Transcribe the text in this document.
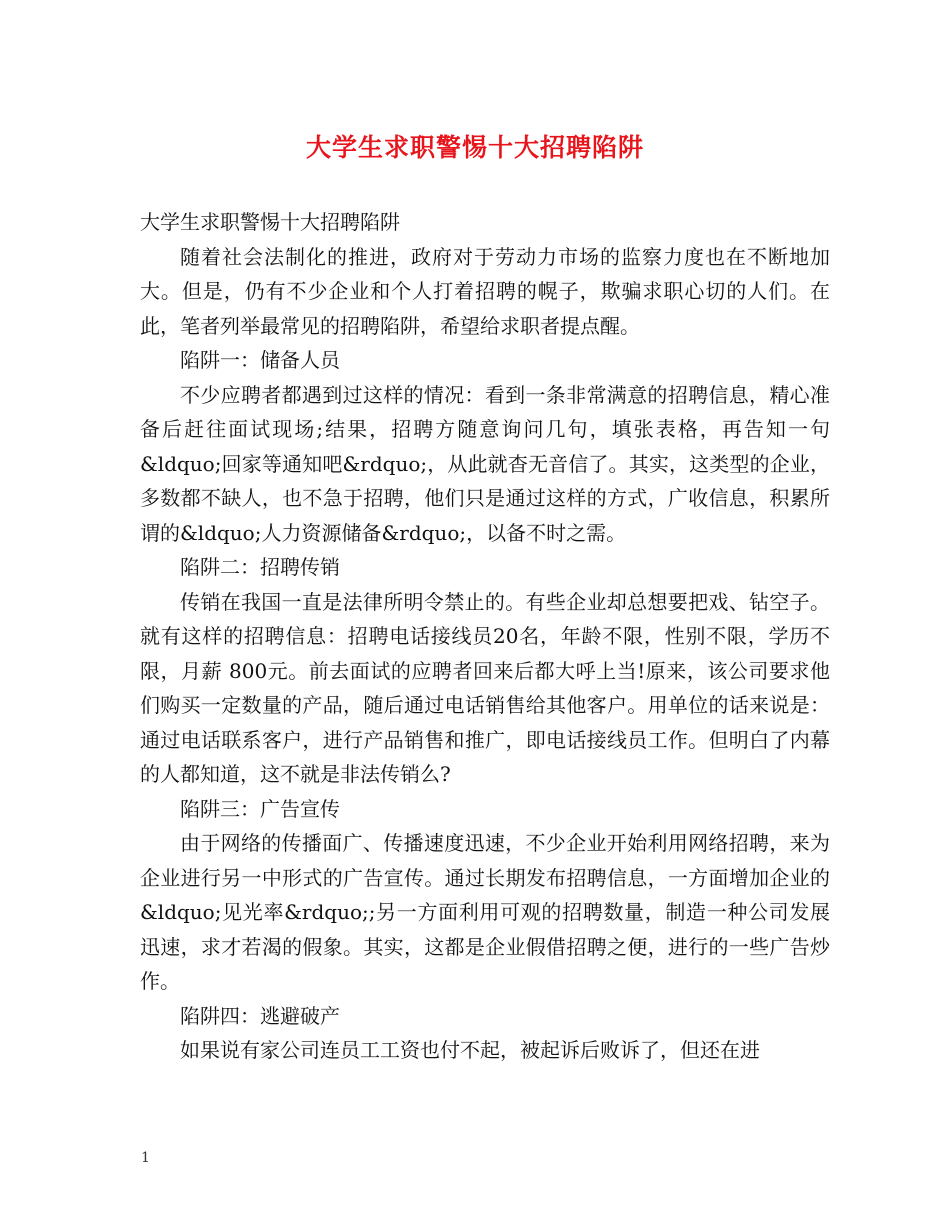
大学生求职警惕十大招聘陷阱

大学生求职警惕十大招聘陷阱

随着社会法制化的推进，政府对于劳动力市场的监察力度也在不断地加大。但是，仍有不少企业和个人打着招聘的幌子，欺骗求职心切的人们。在此，笔者列举最常见的招聘陷阱，希望给求职者提点醒。

陷阱一：储备人员

不少应聘者都遇到过这样的情况：看到一条非常满意的招聘信息，精心准备后赶往面试现场;结果，招聘方随意询问几句，填张表格，再告知一句&ldquo;回家等通知吧&rdquo;，从此就杳无音信了。其实，这类型的企业，多数都不缺人，也不急于招聘，他们只是通过这样的方式，广收信息，积累所谓的&ldquo;人力资源储备&rdquo;，以备不时之需。

陷阱二：招聘传销

传销在我国一直是法律所明令禁止的。有些企业却总想要把戏、钻空子。就有这样的招聘信息：招聘电话接线员20名，年龄不限，性别不限，学历不限，月薪 800元。前去面试的应聘者回来后都大呼上当!原来，该公司要求他们购买一定数量的产品，随后通过电话销售给其他客户。用单位的话来说是：通过电话联系客户，进行产品销售和推广，即电话接线员工作。但明白了内幕的人都知道，这不就是非法传销么?

陷阱三：广告宣传

由于网络的传播面广、传播速度迅速，不少企业开始利用网络招聘，来为企业进行另一中形式的广告宣传。通过长期发布招聘信息，一方面增加企业的&ldquo;见光率&rdquo;;另一方面利用可观的招聘数量，制造一种公司发展迅速，求才若渴的假象。其实，这都是企业假借招聘之便，进行的一些广告炒作。

陷阱四：逃避破产

如果说有家公司连员工工资也付不起，被起诉后败诉了，但还在进

1
